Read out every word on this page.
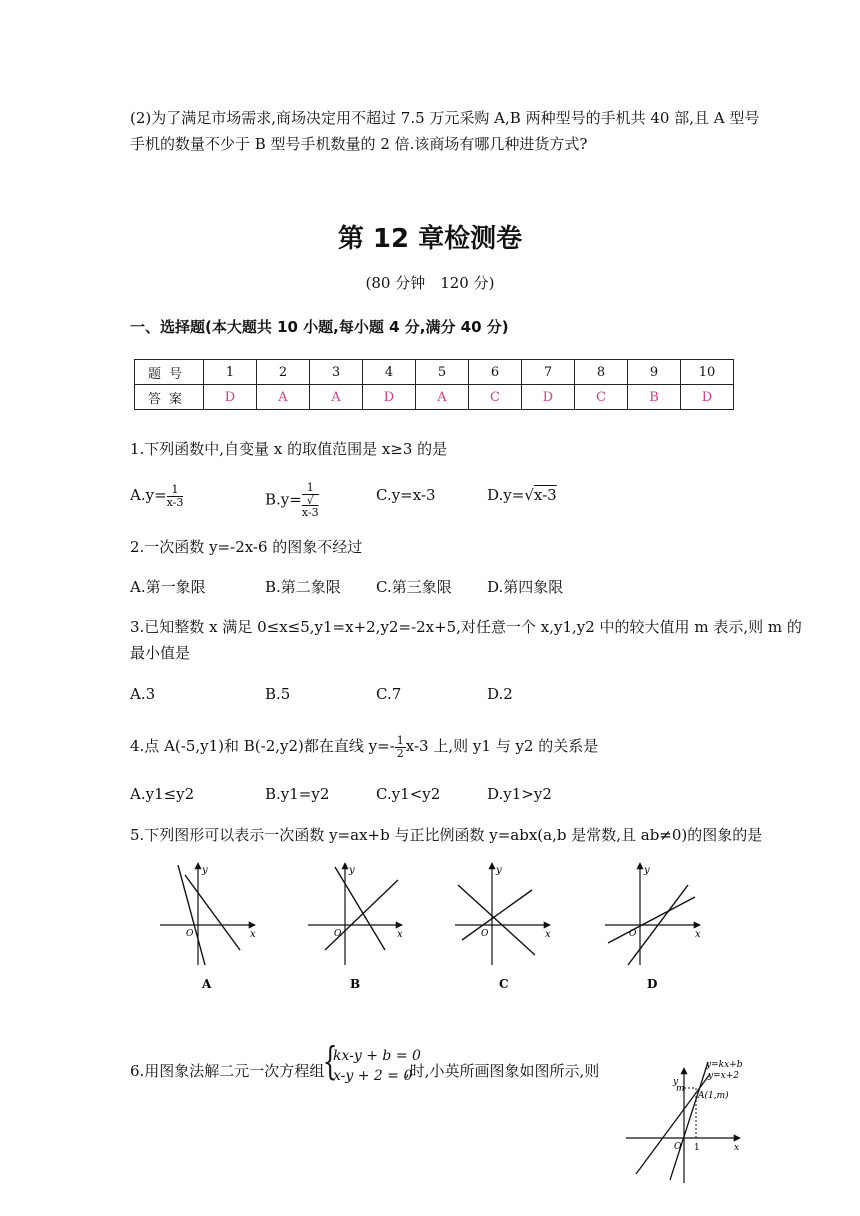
(2)为了满足市场需求,商场决定用不超过 7.5 万元采购 A,B 两种型号的手机共 40 部,且 A 型号
手机的数量不少于 B 型号手机数量的 2 倍.该商场有哪几种进货方式?
第 12 章检测卷
(80 分钟　120 分)
一、选择题(本大题共 10 小题,每小题 4 分,满分 40 分)
题号	1	2	3	4	5	6	7	8	9	10
答案	D	A	A	D	A	C	D	C	B	D
1.下列函数中,自变量 x 的取值范围是 x≥3 的是
$A.y= \frac{1}{x-3}$	B.y= 1
√
x-3	C.y=x-3	D.y=√x-3
2.一次函数 y=-2x-6 的图象不经过
A.第一象限	B.第二象限 C.第三象限 D.第四象限
3.已知整数 x 满足 0≤x≤5,y1=x+2,y2=-2x+5,对任意一个 x,y1,y2 中的较大值用 m 表示,则 m 的
最小值是
A.3	B.5	C.7	D.2
4.点 A(-5,y1)和 B(-2,y2)都在直线 $y=- \frac{1}{2} x-3$ 上,则 y1 与 y2 的关系是
A.y1≤y2	B.y1=y2	C.y1<y2	D.y1>y2
5.下列图形可以表示一次函数 y=ax+b 与正比例函数 y=abx(a,b 是常数,且 ab≠0)的图象的是
x
y
O
A
x
y
O
B
x
y
O
C
x
y
O
D
6.用图象法解二元一次方程组
{
kx-y + b = 0
x-y + 2 = 0
,时,小英所画图象如图所示,则	y=kx+b
y=x+2
A(1,m)
m
1	x
y
O
